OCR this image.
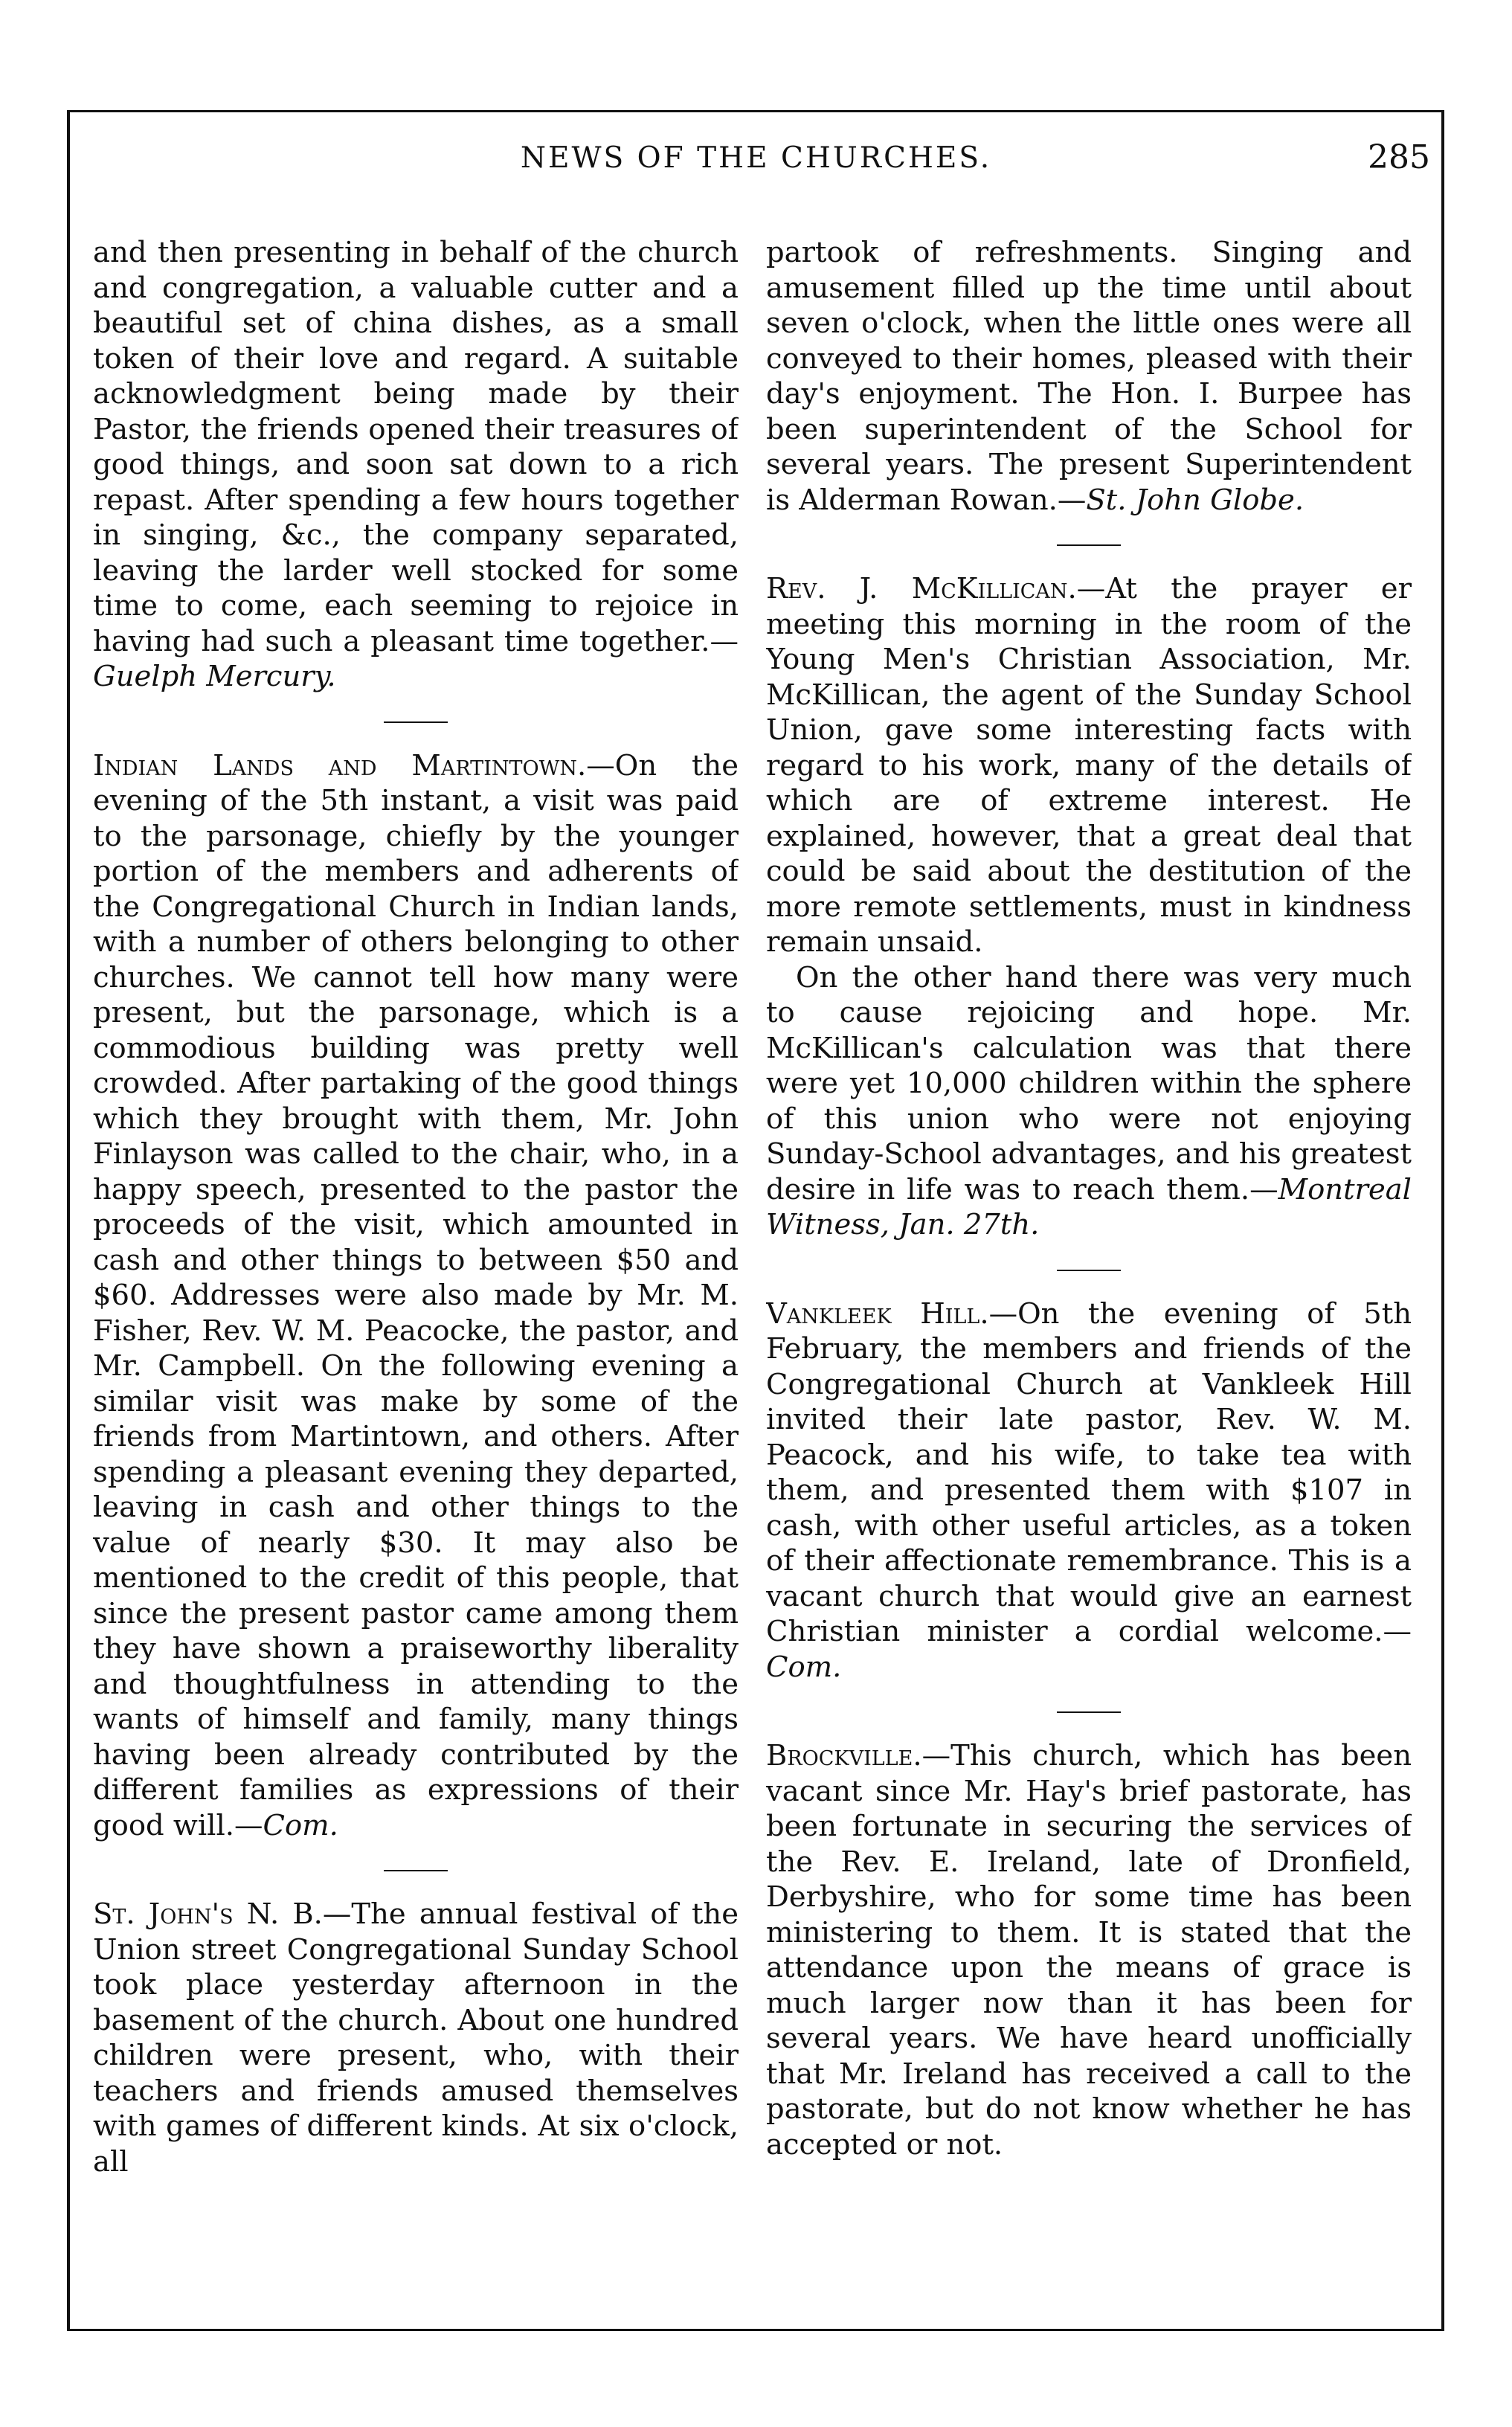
NEWS OF THE CHURCHES.	285

and then presenting in behalf of the church and congregation, a valuable cutter and a beautiful set of china dishes, as a small token of their love and regard. A suitable acknowledgment being made by their Pastor, the friends opened their treasures of good things, and soon sat down to a rich repast. After spending a few hours together in singing, &c., the company separated, leaving the larder well stocked for some time to come, each seeming to rejoice in having had such a pleasant time together.—Guelph Mercury.

Indian Lands and Martintown.—On the evening of the 5th instant, a visit was paid to the parsonage, chiefly by the younger portion of the members and adherents of the Congregational Church in Indian lands, with a number of others belonging to other churches. We cannot tell how many were present, but the parsonage, which is a commodious building was pretty well crowded. After partaking of the good things which they brought with them, Mr. John Finlayson was called to the chair, who, in a happy speech, presented to the pastor the proceeds of the visit, which amounted in cash and other things to between $50 and $60. Addresses were also made by Mr. M. Fisher, Rev. W. M. Peacocke, the pastor, and Mr. Campbell. On the following evening a similar visit was make by some of the friends from Martintown, and others. After spending a pleasant evening they departed, leaving in cash and other things to the value of nearly $30. It may also be mentioned to the credit of this people, that since the present pastor came among them they have shown a praiseworthy liberality and thoughtfulness in attending to the wants of himself and family, many things having been already contributed by the different families as expressions of their good will.—Com.

St. John's N. B.—The annual festival of the Union street Congregational Sunday School took place yesterday afternoon in the basement of the church. About one hundred children were present, who, with their teachers and friends amused themselves with games of different kinds. At six o'clock, all

partook of refreshments. Singing and amusement filled up the time until about seven o'clock, when the little ones were all conveyed to their homes, pleased with their day's enjoyment. The Hon. I. Burpee has been superintendent of the School for several years. The present Superintendent is Alderman Rowan.—St. John Globe.

Rev. J. McKillican.—At the prayer er meeting this morning in the room of the Young Men's Christian Association, Mr. McKillican, the agent of the Sunday School Union, gave some interesting facts with regard to his work, many of the details of which are of extreme interest. He explained, however, that a great deal that could be said about the destitution of the more remote settlements, must in kindness remain unsaid.

On the other hand there was very much to cause rejoicing and hope. Mr. McKillican's calculation was that there were yet 10,000 children within the sphere of this union who were not enjoying Sunday-School advantages, and his greatest desire in life was to reach them.—Montreal Witness, Jan. 27th.

Vankleek Hill.—On the evening of 5th February, the members and friends of the Congregational Church at Vankleek Hill invited their late pastor, Rev. W. M. Peacock, and his wife, to take tea with them, and presented them with $107 in cash, with other useful articles, as a token of their affectionate remembrance. This is a vacant church that would give an earnest Christian minister a cordial welcome.—Com.

Brockville.—This church, which has been vacant since Mr. Hay's brief pastorate, has been fortunate in securing the services of the Rev. E. Ireland, late of Dronfield, Derbyshire, who for some time has been ministering to them. It is stated that the attendance upon the means of grace is much larger now than it has been for several years. We have heard unofficially that Mr. Ireland has received a call to the pastorate, but do not know whether he has accepted or not.
